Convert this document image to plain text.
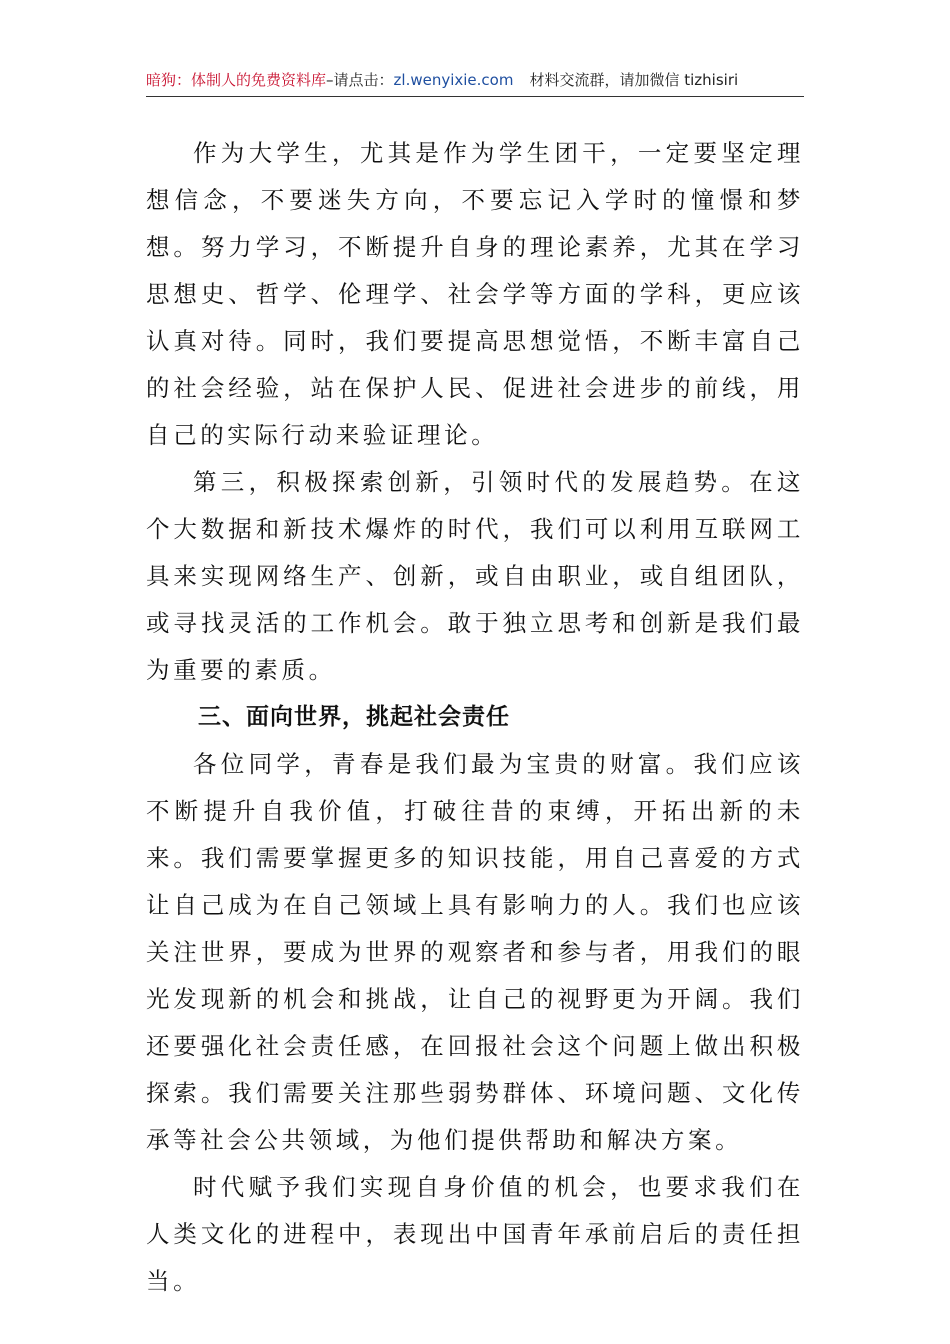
暗狗：体制人的免费资料库–请点击：zl.wenyixie.com 材料交流群，请加微信 tizhisiri

作为大学生，尤其是作为学生团干，一定要坚定理想信念，不要迷失方向，不要忘记入学时的憧憬和梦想。努力学习，不断提升自身的理论素养，尤其在学习思想史、哲学、伦理学、社会学等方面的学科，更应该认真对待。同时，我们要提高思想觉悟，不断丰富自己的社会经验，站在保护人民、促进社会进步的前线，用自己的实际行动来验证理论。

第三，积极探索创新，引领时代的发展趋势。在这个大数据和新技术爆炸的时代，我们可以利用互联网工具来实现网络生产、创新，或自由职业，或自组团队，或寻找灵活的工作机会。敢于独立思考和创新是我们最为重要的素质。

三、面向世界，挑起社会责任

各位同学，青春是我们最为宝贵的财富。我们应该不断提升自我价值，打破往昔的束缚，开拓出新的未来。我们需要掌握更多的知识技能，用自己喜爱的方式让自己成为在自己领域上具有影响力的人。我们也应该关注世界，要成为世界的观察者和参与者，用我们的眼光发现新的机会和挑战，让自己的视野更为开阔。我们还要强化社会责任感，在回报社会这个问题上做出积极探索。我们需要关注那些弱势群体、环境问题、文化传承等社会公共领域，为他们提供帮助和解决方案。

时代赋予我们实现自身价值的机会，也要求我们在人类文化的进程中，表现出中国青年承前启后的责任担当。
